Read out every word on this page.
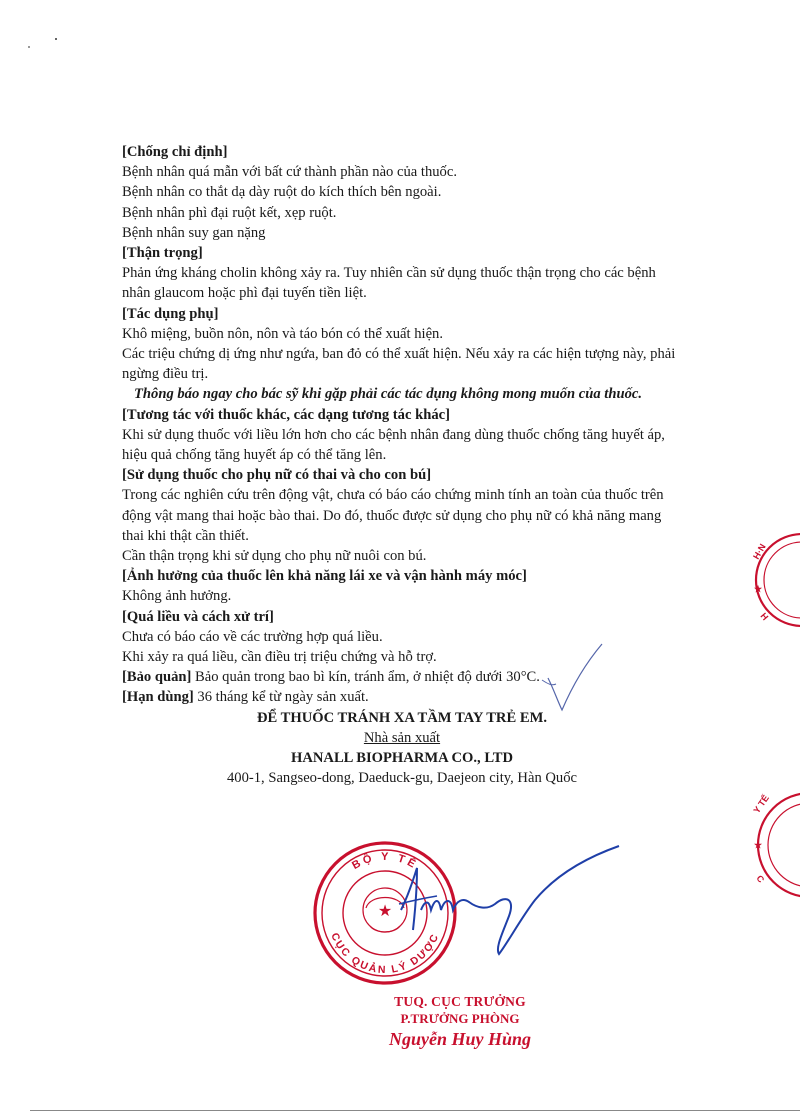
[Chống chỉ định]

Bệnh nhân quá mẫn với bất cứ thành phần nào của thuốc.

Bệnh nhân co thắt dạ dày ruột do kích thích bên ngoài.

Bệnh nhân phì đại ruột kết, xẹp ruột.

Bệnh nhân suy gan nặng

[Thận trọng]

Phản ứng kháng cholin không xảy ra. Tuy nhiên cần sử dụng thuốc thận trọng cho các bệnh nhân glaucom hoặc phì đại tuyến tiền liệt.

[Tác dụng phụ]

Khô miệng, buồn nôn, nôn và táo bón có thể xuất hiện.

Các triệu chứng dị ứng như ngứa, ban đỏ có thể xuất hiện. Nếu xảy ra các hiện tượng này, phải ngừng điều trị.

Thông báo ngay cho bác sỹ khi gặp phải các tác dụng không mong muốn của thuốc.

[Tương tác với thuốc khác, các dạng tương tác khác]

Khi sử dụng thuốc với liều lớn hơn cho các bệnh nhân đang dùng thuốc chống tăng huyết áp, hiệu quả chống tăng huyết áp có thể tăng lên.

[Sử dụng thuốc cho phụ nữ có thai và cho con bú]

Trong các nghiên cứu trên động vật, chưa có báo cáo chứng minh tính an toàn của thuốc trên động vật mang thai hoặc bào thai. Do đó, thuốc được sử dụng cho phụ nữ có khả năng mang thai khi thật cần thiết.

Cần thận trọng khi sử dụng cho phụ nữ nuôi con bú.

[Ảnh hưởng của thuốc lên khả năng lái xe và vận hành máy móc]

Không ảnh hưởng.

[Quá liều và cách xử trí]

Chưa có báo cáo về các trường hợp quá liều.

Khi xảy ra quá liều, cần điều trị triệu chứng và hỗ trợ.

[Bảo quản] Bảo quản trong bao bì kín, tránh ẩm, ở nhiệt độ dưới 30°C.

[Hạn dùng] 36 tháng kể từ ngày sản xuất.

ĐỂ THUỐC TRÁNH XA TẦM TAY TRẺ EM.

Nhà sản xuất

HANALL BIOPHARMA CO., LTD

400-1, Sangseo-dong, Daeduck-gu, Daejeon city, Hàn Quốc

H·N
★
H
Y TẾ
★
C
BỘ Y TẾ
CỤC QUẢN LÝ DƯỢC
★
TUQ. CỤC TRƯỞNG
P.TRƯỞNG PHÒNG
Nguyễn Huy Hùng
